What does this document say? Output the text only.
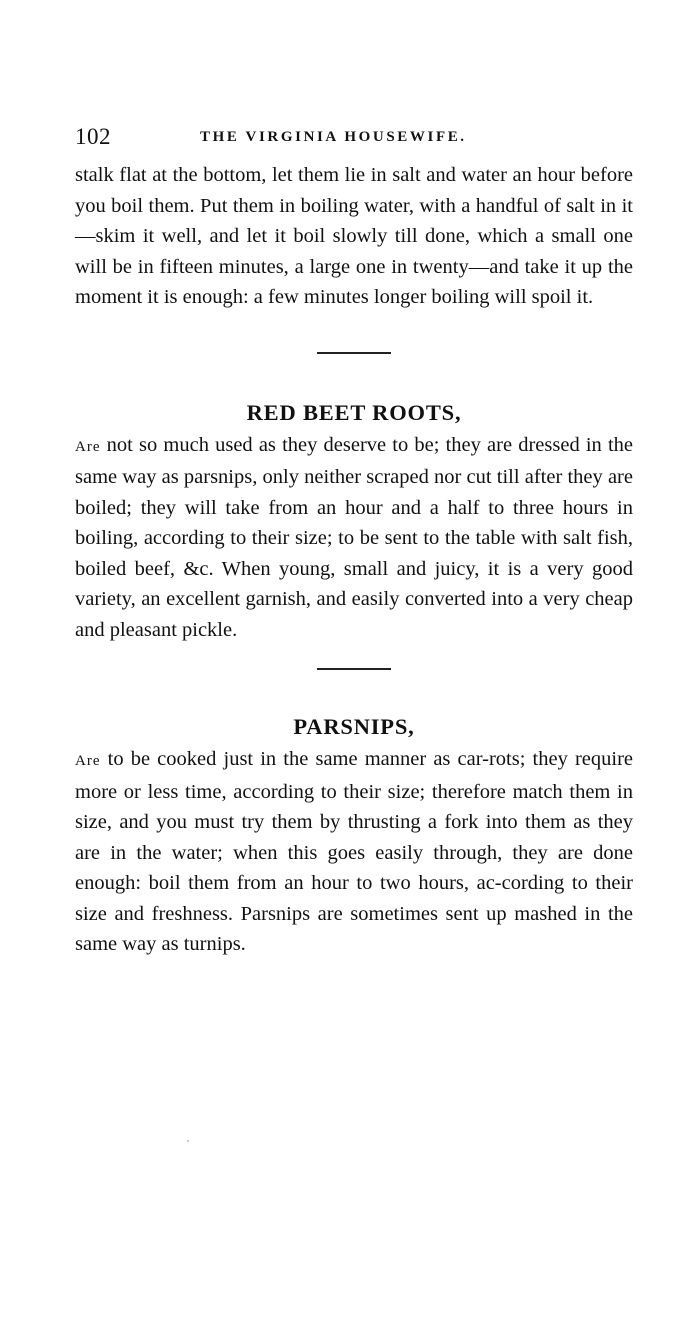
102	THE VIRGINIA HOUSEWIFE.

stalk flat at the bottom, let them lie in salt and water an hour before you boil them. Put them in boiling water, with a handful of salt in it—skim it well, and let it boil slowly till done, which a small one will be in fifteen minutes, a large one in twenty—and take it up the moment it is enough: a few minutes longer boiling will spoil it.

RED BEET ROOTS,

Are not so much used as they deserve to be; they are dressed in the same way as parsnips, only neither scraped nor cut till after they are boiled; they will take from an hour and a half to three hours in boiling, according to their size; to be sent to the table with salt fish, boiled beef, &c. When young, small and juicy, it is a very good variety, an excellent garnish, and easily converted into a very cheap and pleasant pickle.

PARSNIPS,

Are to be cooked just in the same manner as car-rots; they require more or less time, according to their size; therefore match them in size, and you must try them by thrusting a fork into them as they are in the water; when this goes easily through, they are done enough: boil them from an hour to two hours, ac-cording to their size and freshness. Parsnips are sometimes sent up mashed in the same way as turnips.
